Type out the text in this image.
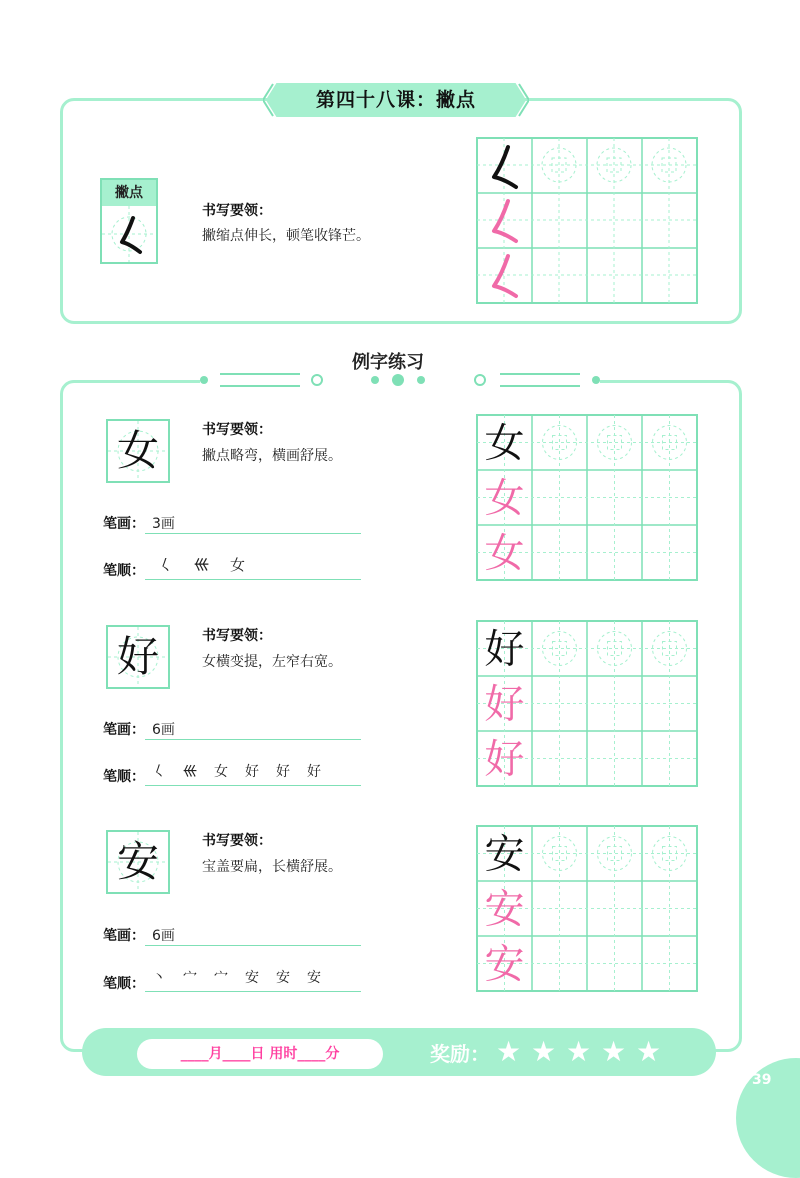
第四十八课：撇点
撇点
书写要领：
撇缩点伸长，顿笔收锋芒。
例字练习
女	书写要领：
撇点略弯，横画舒展。
笔画： 3画
笔顺： 𡿨 𡿧 女
好	书写要领：
女横变提，左窄右宽。
笔画： 6画
笔顺： 𡿨 𡿧 女 好 好 好
安	书写要领：
宝盖要扁，长横舒展。
笔画： 6画
笔顺： 丶 宀 宀 安 安 安
女
女
女
好
好
好
安
安
安
____月____日 用时____分	奖励： ★ ★ ★ ★ ★
39
